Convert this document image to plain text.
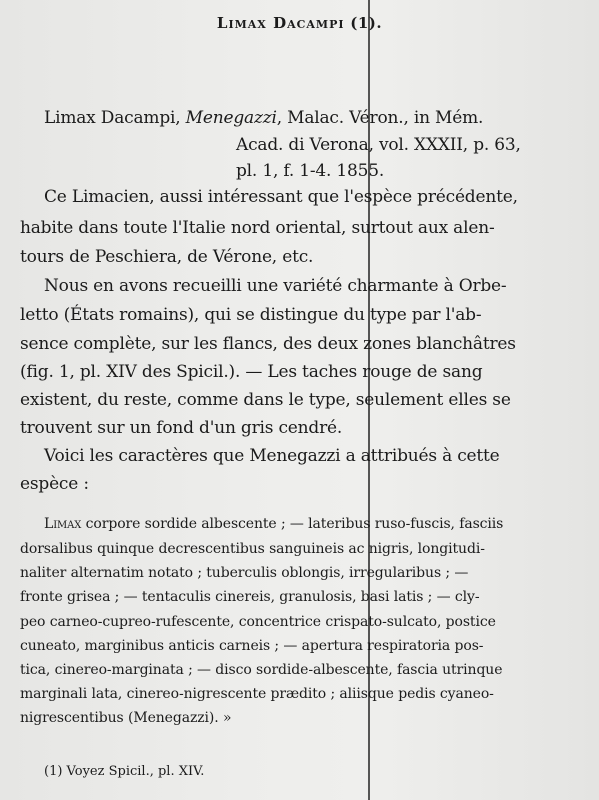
Limax Dacampi (1).
Limax Dacampi, Menegazzi, Malac. Véron., in Mém.
Acad. di Verona, vol. XXXII, p. 63,
pl. 1, f. 1-4. 1855.
Ce Limacien, aussi intéressant que l'espèce précédente,
habite dans toute l'Italie nord oriental, surtout aux alen-
tours de Peschiera, de Vérone, etc.
Nous en avons recueilli une variété charmante à Orbe-
letto (États romains), qui se distingue du type par l'ab-
sence complète, sur les flancs, des deux zones blanchâtres
(fig. 1, pl. XIV des Spicil.). — Les taches rouge de sang
existent, du reste, comme dans le type, seulement elles se
trouvent sur un fond d'un gris cendré.
Voici les caractères que Menegazzi a attribués à cette
espèce :
Limax corpore sordide albescente ; — lateribus ruso-fuscis, fasciis
dorsalibus quinque decrescentibus sanguineis ac nigris, longitudi-
naliter alternatim notato ; tuberculis oblongis, irregularibus ; —
fronte grisea ; — tentaculis cinereis, granulosis, basi latis ; — cly-
peo carneo-cupreo-rufescente, concentrice crispato-sulcato, postice
cuneato, marginibus anticis carneis ; — apertura respiratoria pos-
tica, cinereo-marginata ; — disco sordide-albescente, fascia utrinque
marginali lata, cinereo-nigrescente prædito ; aliisque pedis cyaneo-
nigrescentibus (Menegazzi). »
(1) Voyez Spicil., pl. XIV.
